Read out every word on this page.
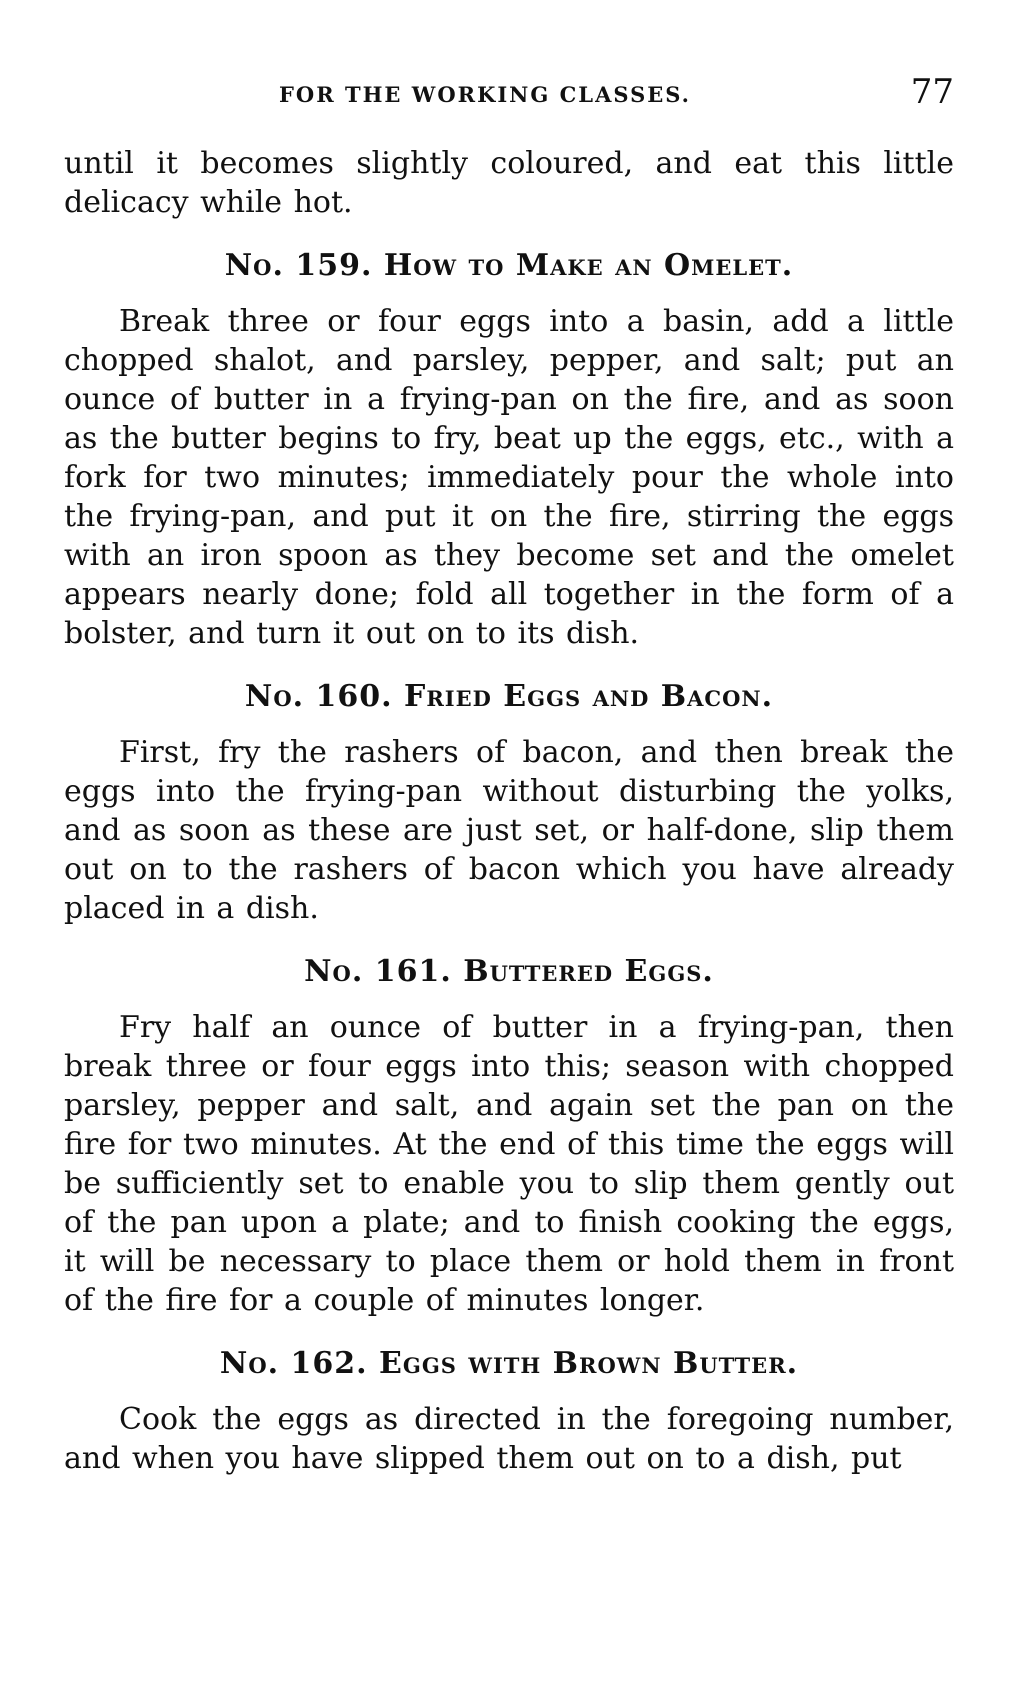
FOR THE WORKING CLASSES.	77

until it becomes slightly coloured, and eat this little delicacy while hot.

No. 159. How to Make an Omelet.

Break three or four eggs into a basin, add a little chopped shalot, and parsley, pepper, and salt; put an ounce of butter in a frying-pan on the fire, and as soon as the butter begins to fry, beat up the eggs, etc., with a fork for two minutes; immediately pour the whole into the frying-pan, and put it on the fire, stirring the eggs with an iron spoon as they become set and the omelet appears nearly done; fold all together in the form of a bolster, and turn it out on to its dish.

No. 160. Fried Eggs and Bacon.

First, fry the rashers of bacon, and then break the eggs into the frying-pan without disturbing the yolks, and as soon as these are just set, or half-done, slip them out on to the rashers of bacon which you have already placed in a dish.

No. 161. Buttered Eggs.

Fry half an ounce of butter in a frying-pan, then break three or four eggs into this; season with chopped parsley, pepper and salt, and again set the pan on the fire for two minutes. At the end of this time the eggs will be sufficiently set to enable you to slip them gently out of the pan upon a plate; and to finish cooking the eggs, it will be necessary to place them or hold them in front of the fire for a couple of minutes longer.

No. 162. Eggs with Brown Butter.

Cook the eggs as directed in the foregoing number, and when you have slipped them out on to a dish, put
